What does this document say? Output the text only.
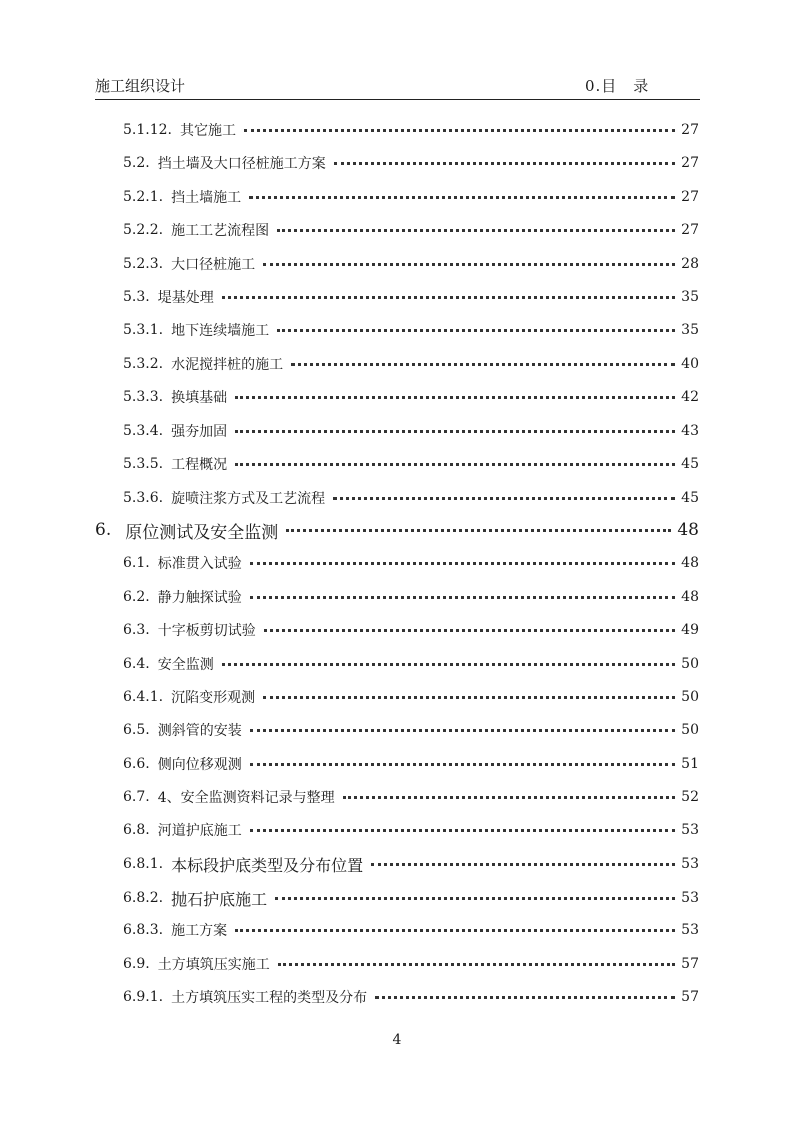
施工组织设计	0.目　录
5.1.12. 其它施工	27
5.2. 挡土墙及大口径桩施工方案	27
5.2.1. 挡土墙施工	27
5.2.2. 施工工艺流程图	27
5.2.3. 大口径桩施工	28
5.3. 堤基处理	35
5.3.1. 地下连续墙施工	35
5.3.2. 水泥搅拌桩的施工	40
5.3.3. 换填基础	42
5.3.4. 强夯加固	43
5.3.5. 工程概况	45
5.3.6. 旋喷注浆方式及工艺流程	45
6. 原位测试及安全监测	48
6.1. 标准贯入试验	48
6.2. 静力触探试验	48
6.3. 十字板剪切试验	49
6.4. 安全监测	50
6.4.1. 沉陷变形观测	50
6.5. 测斜管的安装	50
6.6. 侧向位移观测	51
6.7. 4、安全监测资料记录与整理	52
6.8. 河道护底施工	53
6.8.1. 本标段护底类型及分布位置	53
6.8.2. 抛石护底施工	53
6.8.3. 施工方案	53
6.9. 土方填筑压实施工	57
6.9.1. 土方填筑压实工程的类型及分布	57
4
